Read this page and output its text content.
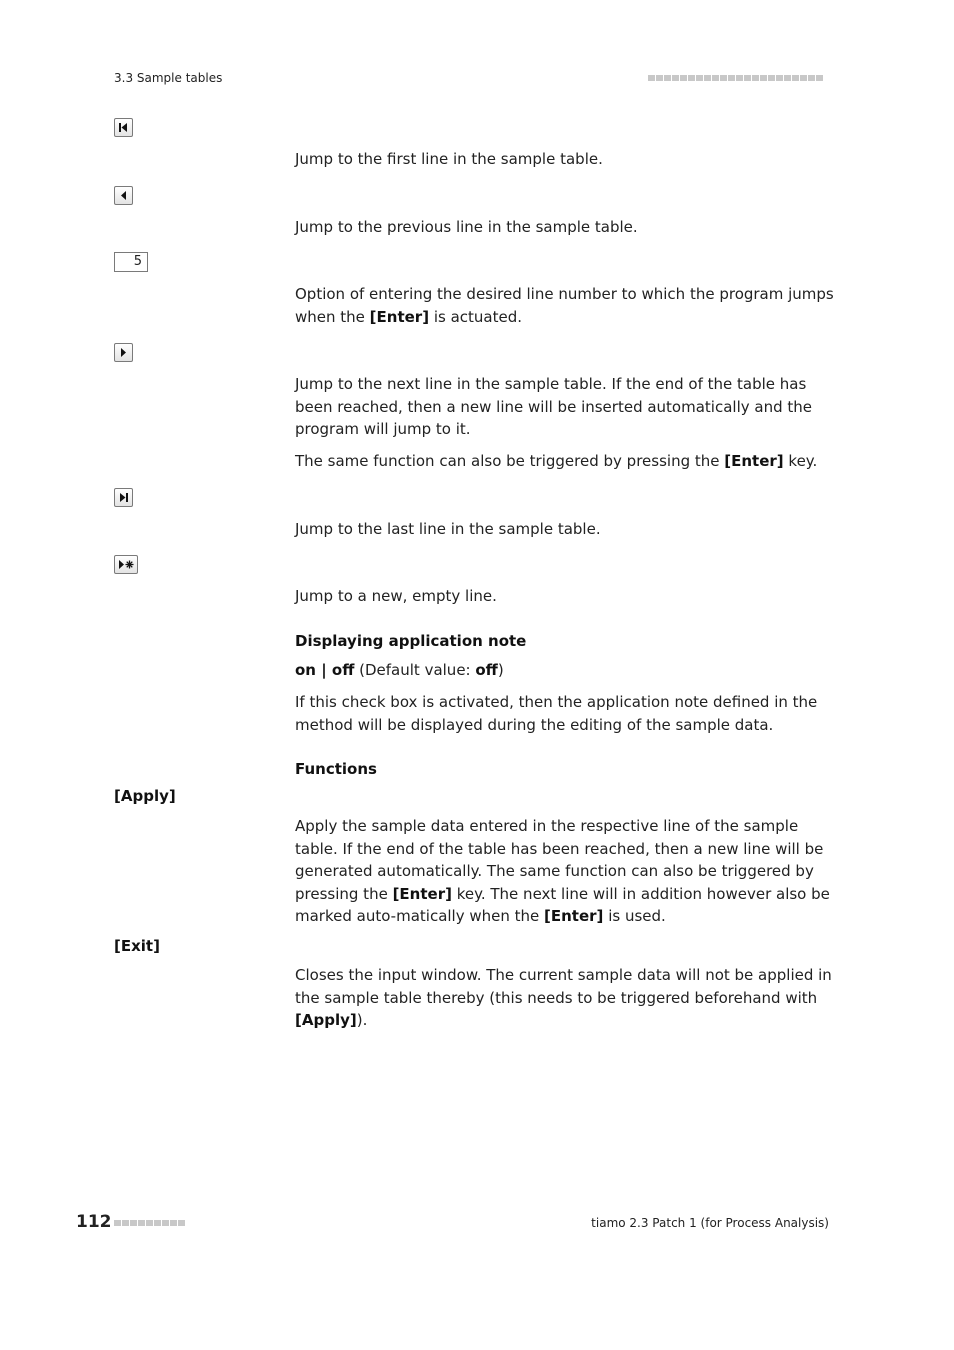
3.3 Sample tables
Jump to the first line in the sample table.
Jump to the previous line in the sample table.
5
Option of entering the desired line number to which the program jumps when the [Enter] is actuated.
Jump to the next line in the sample table. If the end of the table has been reached, then a new line will be inserted automatically and the program will jump to it.
The same function can also be triggered by pressing the [Enter] key.
Jump to the last line in the sample table.
Jump to a new, empty line.
Displaying application note
on | off (Default value: off)
If this check box is activated, then the application note defined in the method will be displayed during the editing of the sample data.
Functions
[Apply]
Apply the sample data entered in the respective line of the sample table. If the end of the table has been reached, then a new line will be generated automatically. The same function can also be triggered by pressing the [Enter] key. The next line will in addition however also be marked auto-matically when the [Enter] is used.
[Exit]
Closes the input window. The current sample data will not be applied in the sample table thereby (this needs to be triggered beforehand with [Apply]).
112	tiamo 2.3 Patch 1 (for Process Analysis)
